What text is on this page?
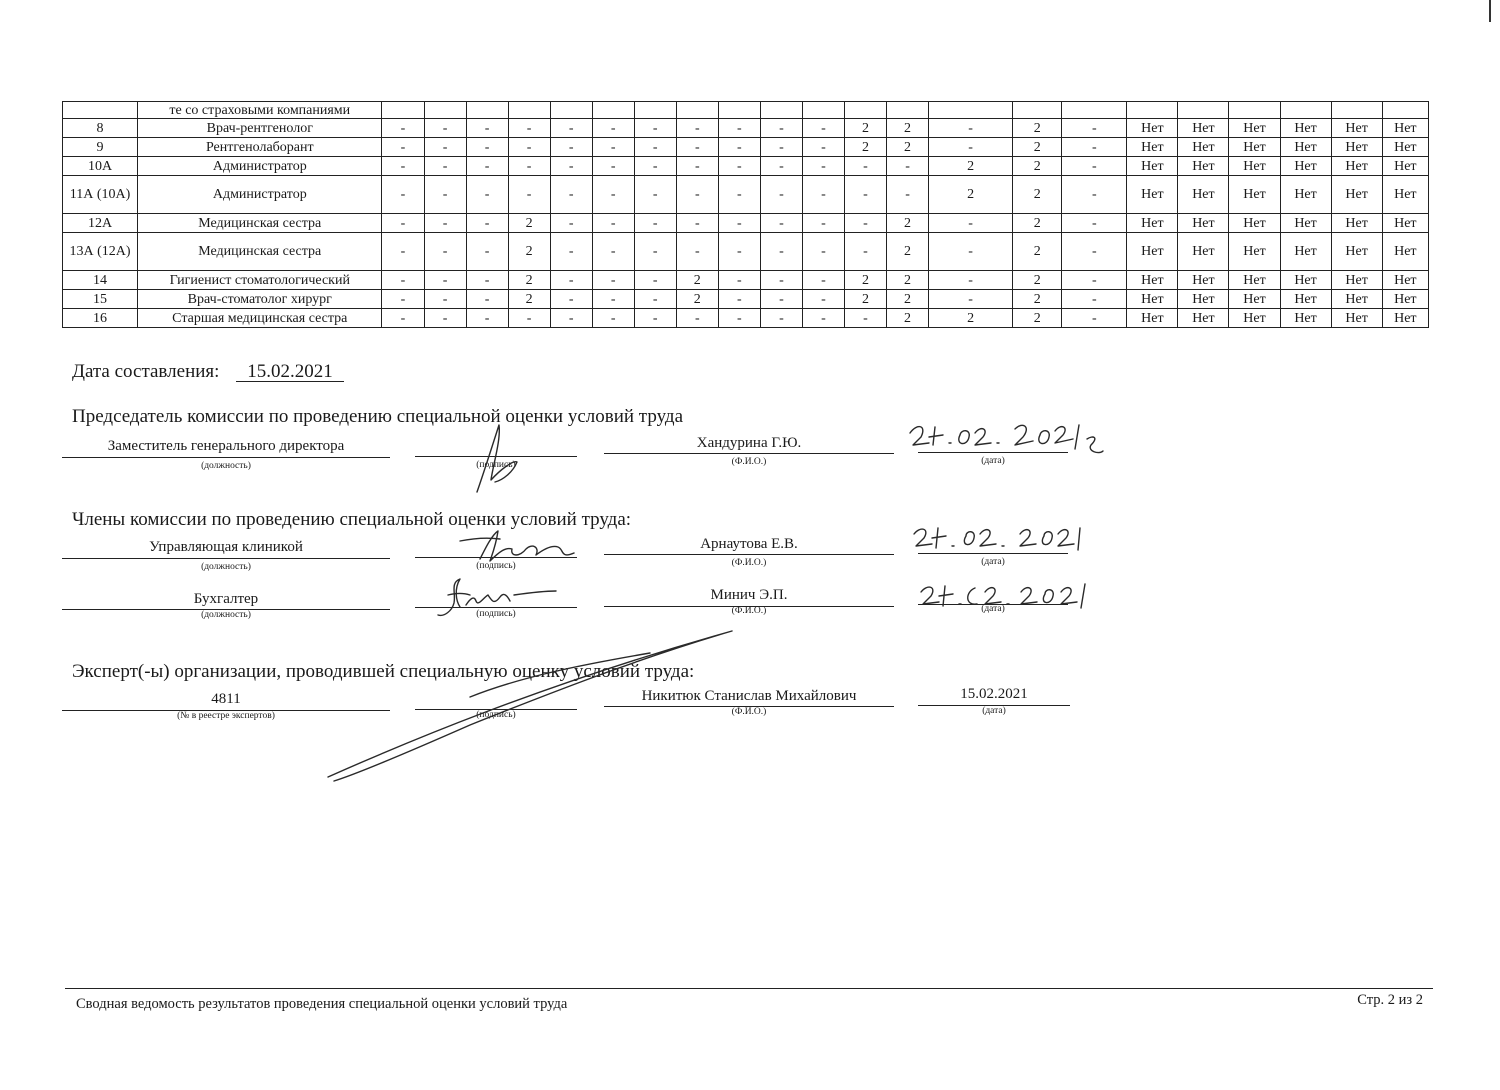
	те со страховыми компаниями																						
8	Врач-рентгенолог	-	-	-	-	-	-	-	-	-	-	-	2	2	-	2	-	Нет	Нет	Нет	Нет	Нет	Нет
9	Рентгенолаборант	-	-	-	-	-	-	-	-	-	-	-	2	2	-	2	-	Нет	Нет	Нет	Нет	Нет	Нет
10А	Администратор	-	-	-	-	-	-	-	-	-	-	-	-	-	2	2	-	Нет	Нет	Нет	Нет	Нет	Нет
11А (10А)	Администратор	-	-	-	-	-	-	-	-	-	-	-	-	-	2	2	-	Нет	Нет	Нет	Нет	Нет	Нет
12А	Медицинская сестра	-	-	-	2	-	-	-	-	-	-	-	-	2	-	2	-	Нет	Нет	Нет	Нет	Нет	Нет
13А (12А)	Медицинская сестра	-	-	-	2	-	-	-	-	-	-	-	-	2	-	2	-	Нет	Нет	Нет	Нет	Нет	Нет
14	Гигиенист стоматологический	-	-	-	2	-	-	-	2	-	-	-	2	2	-	2	-	Нет	Нет	Нет	Нет	Нет	Нет
15	Врач-стоматолог хирург	-	-	-	2	-	-	-	2	-	-	-	2	2	-	2	-	Нет	Нет	Нет	Нет	Нет	Нет
16	Старшая медицинская сестра	-	-	-	-	-	-	-	-	-	-	-	-	2	2	2	-	Нет	Нет	Нет	Нет	Нет	Нет
Дата составления:	15.02.2021
Председатель комиссии по проведению специальной оценки условий труда
Заместитель генерального директора	Хандурина Г.Ю.
(должность)	(подпись)	(Ф.И.О.)	(дата)
Члены комиссии по проведению специальной оценки условий труда:
Управляющая клиникой	Арнаутова Е.В.
(должность)	(подпись)	(Ф.И.О.)	(дата)
Бухгалтер	Минич Э.П.
(должность)	(подпись)	(Ф.И.О.)	(дата)
Эксперт(-ы) организации, проводившей специальную оценку условий труда:
4811	Никитюк Станислав Михайлович	15.02.2021
(№ в реестре экспертов)	(подпись)	(Ф.И.О.)	(дата)
Сводная ведомость результатов проведения специальной оценки условий труда	Стр. 2 из 2
